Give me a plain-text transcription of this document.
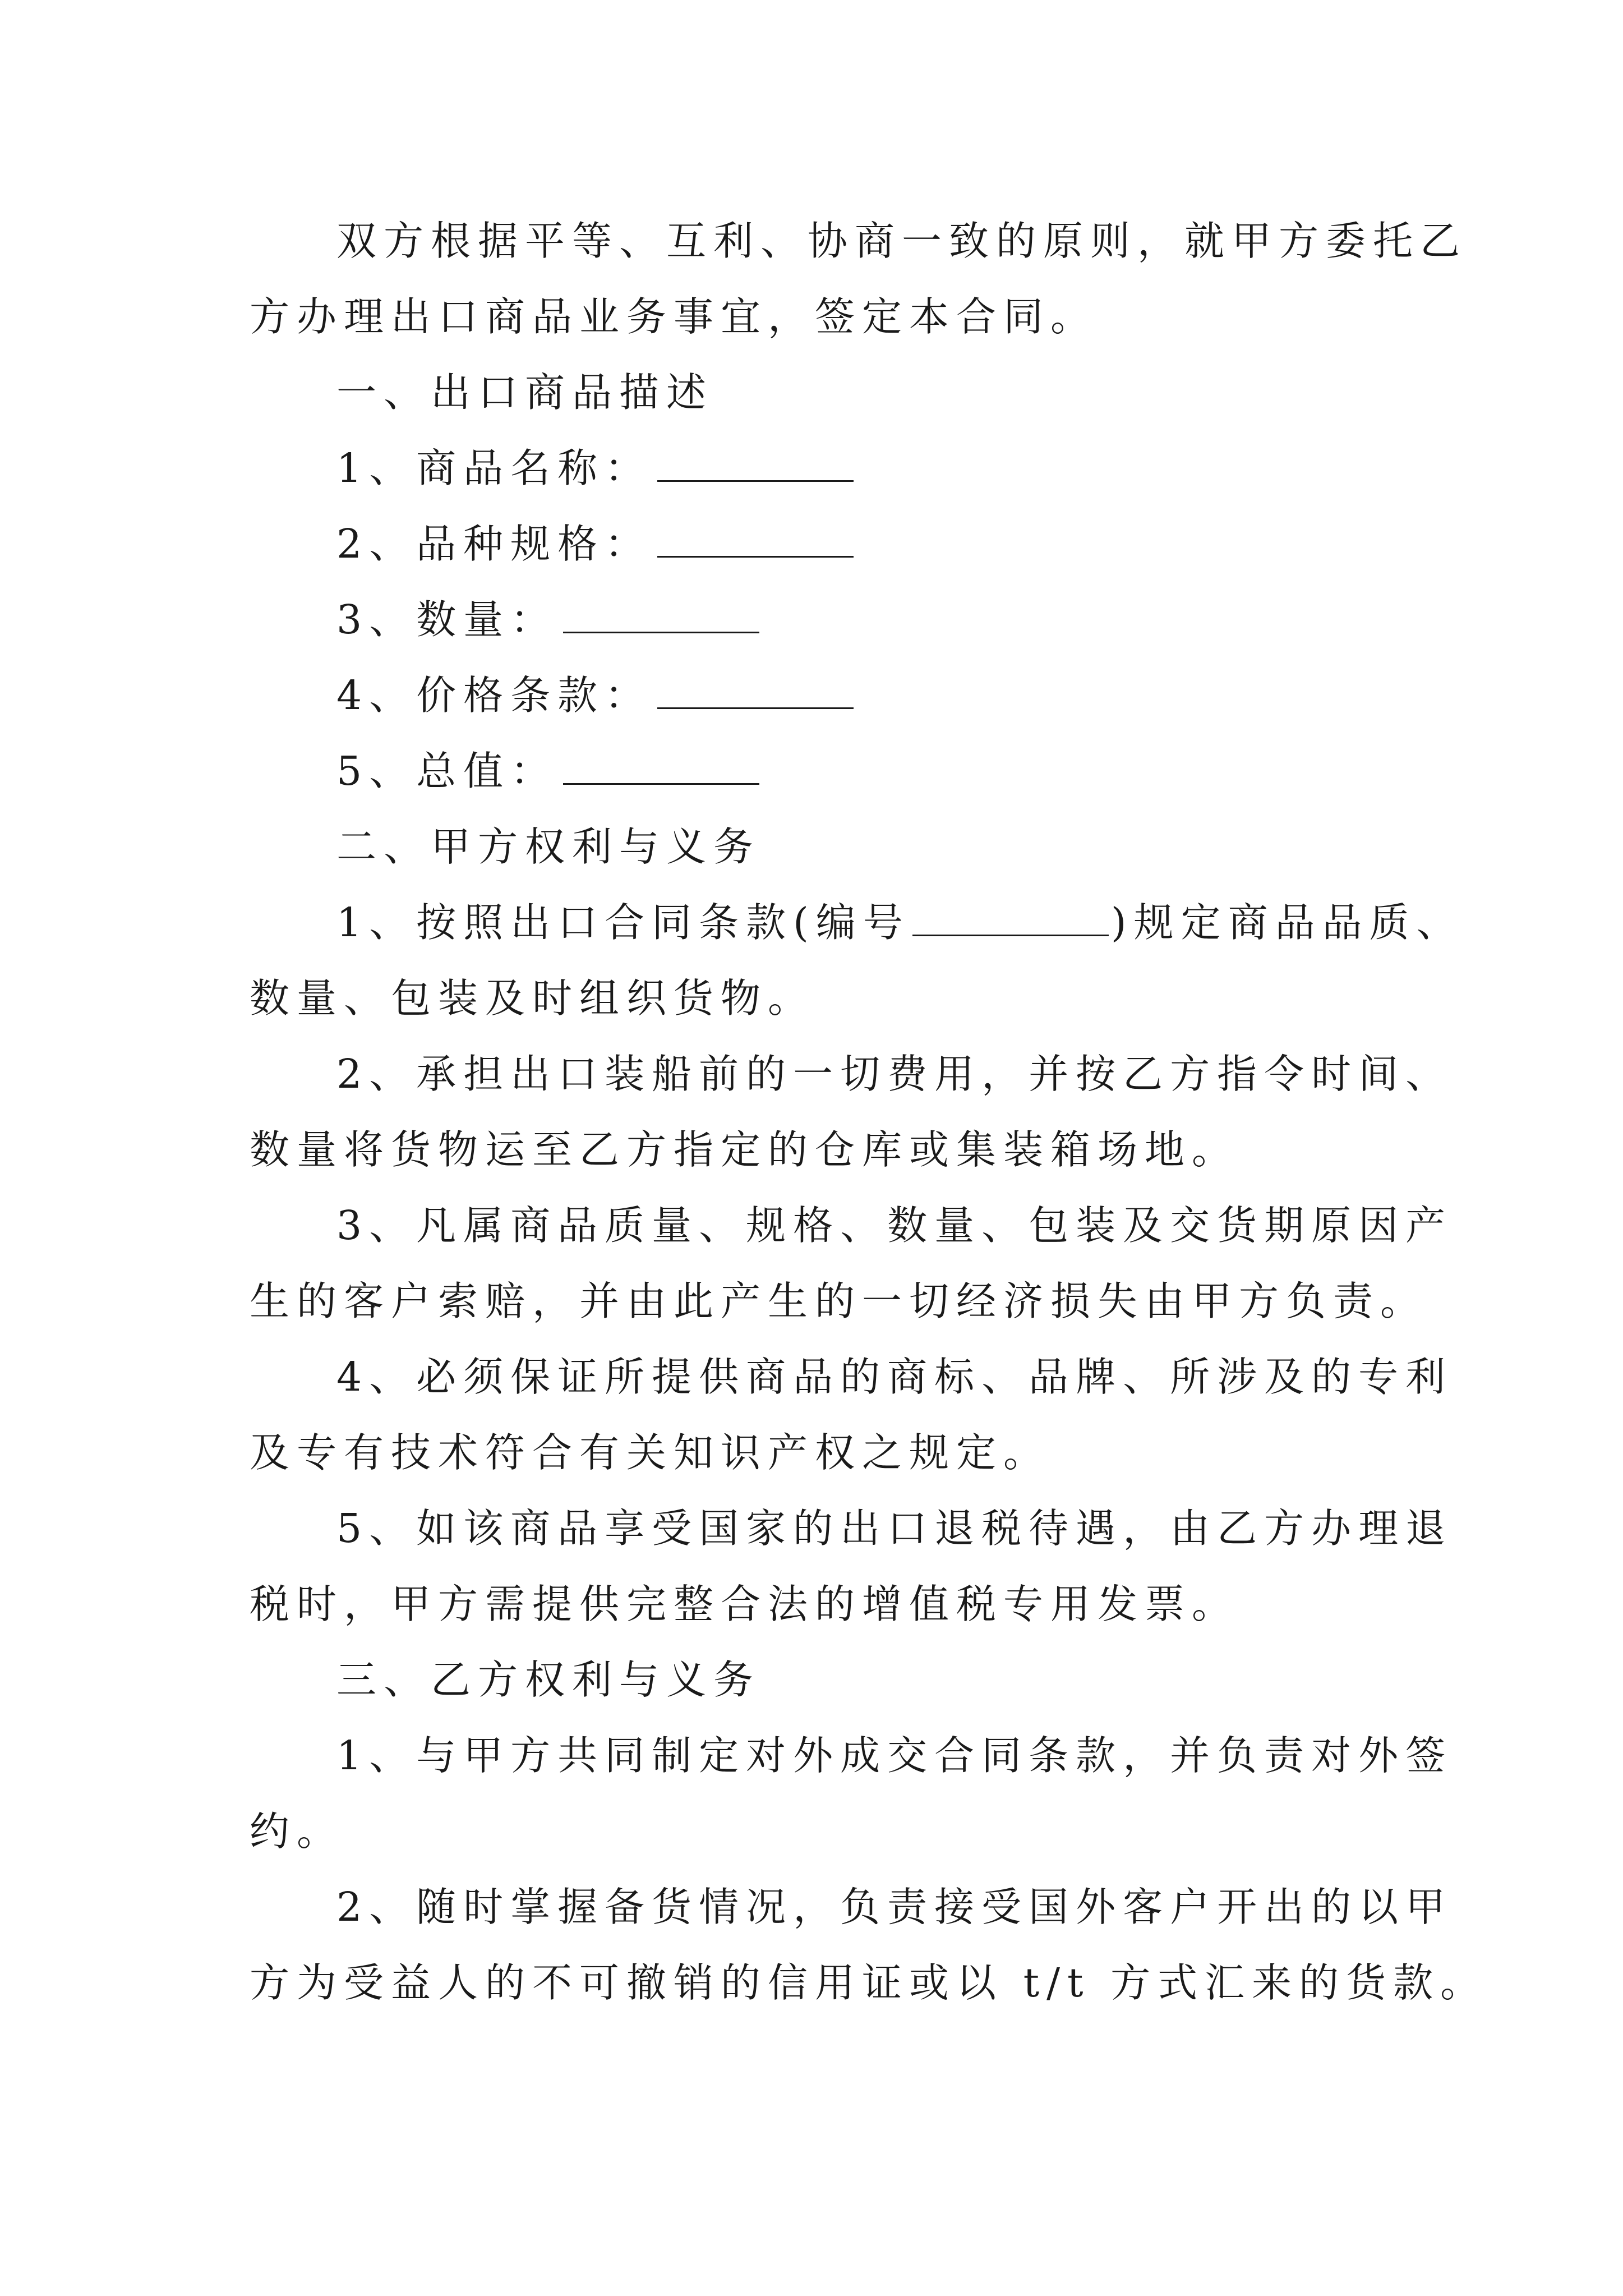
双方根据平等、互利、协商一致的原则，就甲方委托乙
方办理出口商品业务事宜，签定本合同。
一、出口商品描述
1、商品名称：
2、品种规格：
3、数量：
4、价格条款：
5、总值：
二、甲方权利与义务
1、按照出口合同条款(编号	)规定商品品质、
数量、包装及时组织货物。
2、承担出口装船前的一切费用，并按乙方指令时间、
数量将货物运至乙方指定的仓库或集装箱场地。
3、凡属商品质量、规格、数量、包装及交货期原因产
生的客户索赔，并由此产生的一切经济损失由甲方负责。
4、必须保证所提供商品的商标、品牌、所涉及的专利
及专有技术符合有关知识产权之规定。
5、如该商品享受国家的出口退税待遇，由乙方办理退
税时，甲方需提供完整合法的增值税专用发票。
三、乙方权利与义务
1、与甲方共同制定对外成交合同条款，并负责对外签
约。
2、随时掌握备货情况，负责接受国外客户开出的以甲
方为受益人的不可撤销的信用证或以 t/t 方式汇来的货款。
